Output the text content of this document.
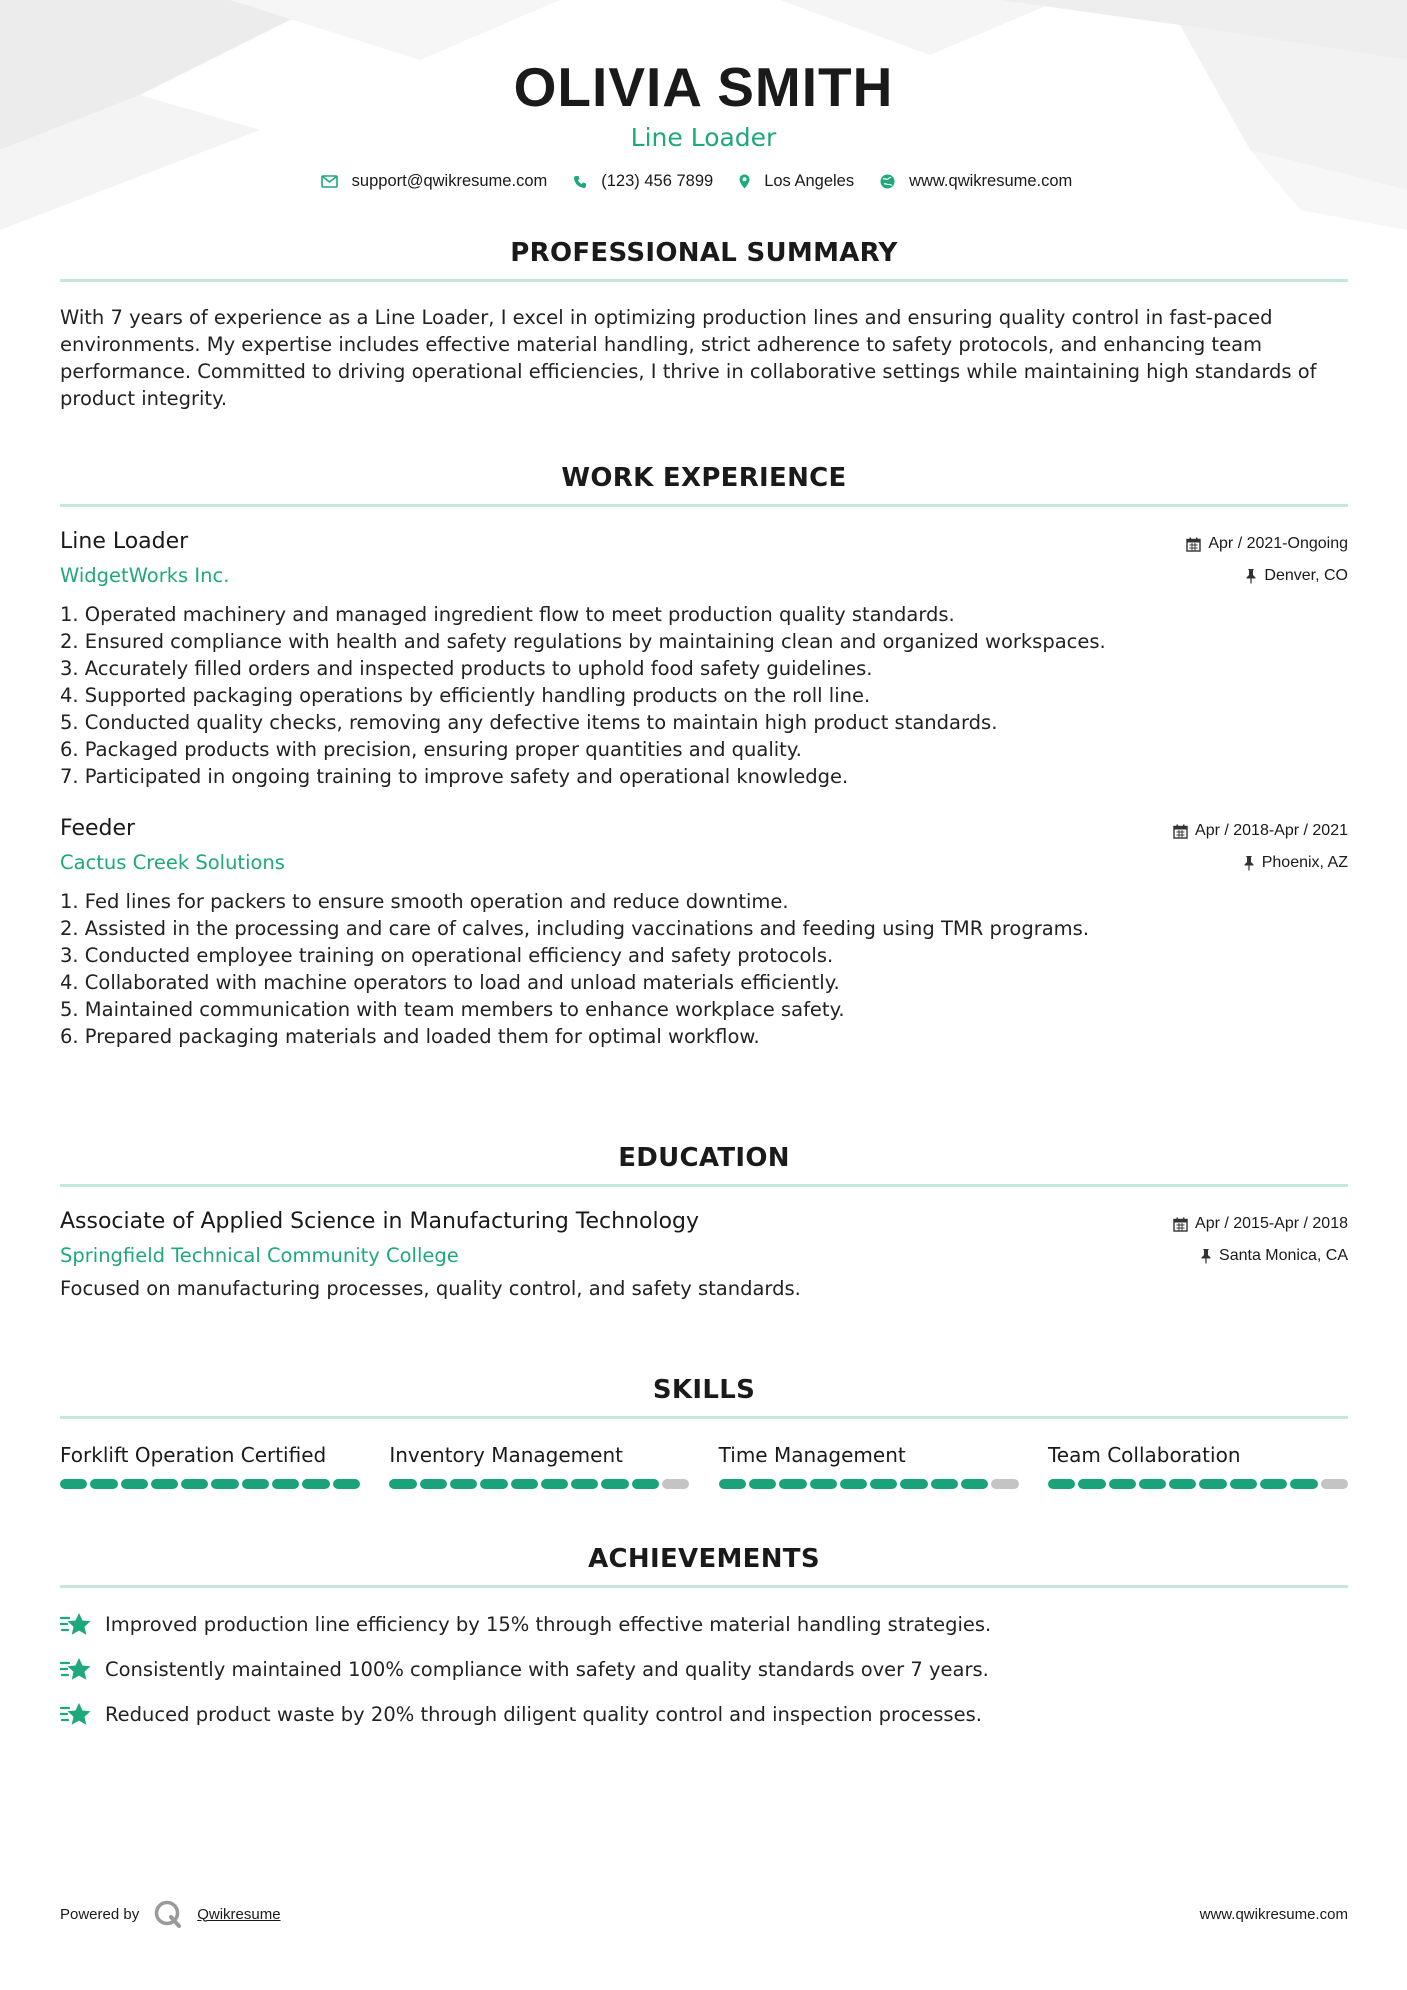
OLIVIA SMITH
Line Loader
support@qwikresume.com	(123) 456 7899	Los Angeles	www.qwikresume.com
PROFESSIONAL SUMMARY

With 7 years of experience as a Line Loader, I excel in optimizing production lines and ensuring quality control in fast-paced environments. My expertise includes effective material handling, strict adherence to safety protocols, and enhancing team performance. Committed to driving operational efficiencies, I thrive in collaborative settings while maintaining high standards of product integrity.

WORK EXPERIENCE
Line Loader
WidgetWorks Inc.
Apr / 2021-Ongoing
Denver, CO
1. Operated machinery and managed ingredient flow to meet production quality standards.
2. Ensured compliance with health and safety regulations by maintaining clean and organized workspaces.
3. Accurately filled orders and inspected products to uphold food safety guidelines.
4. Supported packaging operations by efficiently handling products on the roll line.
5. Conducted quality checks, removing any defective items to maintain high product standards.
6. Packaged products with precision, ensuring proper quantities and quality.
7. Participated in ongoing training to improve safety and operational knowledge.
Feeder
Cactus Creek Solutions
Apr / 2018-Apr / 2021
Phoenix, AZ
1. Fed lines for packers to ensure smooth operation and reduce downtime.
2. Assisted in the processing and care of calves, including vaccinations and feeding using TMR programs.
3. Conducted employee training on operational efficiency and safety protocols.
4. Collaborated with machine operators to load and unload materials efficiently.
5. Maintained communication with team members to enhance workplace safety.
6. Prepared packaging materials and loaded them for optimal workflow.
EDUCATION
Associate of Applied Science in Manufacturing Technology
Springfield Technical Community College
Apr / 2015-Apr / 2018
Santa Monica, CA

Focused on manufacturing processes, quality control, and safety standards.

SKILLS
Forklift Operation Certified	Inventory Management	Time Management	Team Collaboration
ACHIEVEMENTS
Improved production line efficiency by 15% through effective material handling strategies.
Consistently maintained 100% compliance with safety and quality standards over 7 years.
Reduced product waste by 20% through diligent quality control and inspection processes.
Powered by	Qwikresume	www.qwikresume.com
